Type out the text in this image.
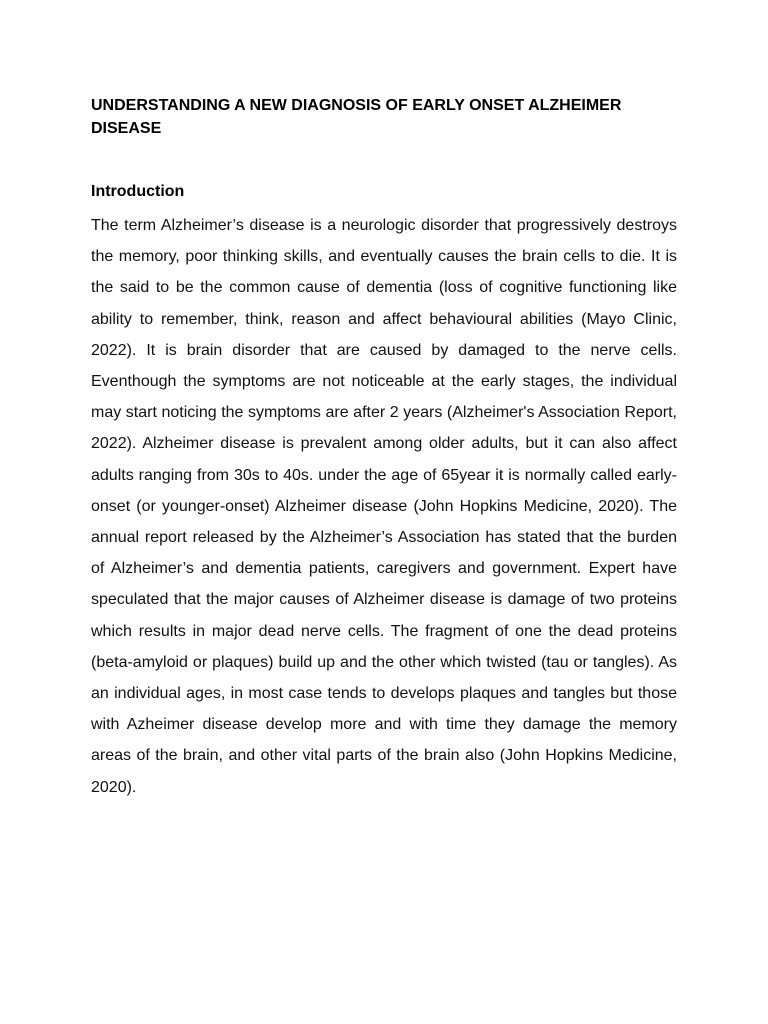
UNDERSTANDING A NEW DIAGNOSIS OF EARLY ONSET ALZHEIMER DISEASE
Introduction

The term Alzheimer’s disease is a neurologic disorder that progressively destroys the memory, poor thinking skills, and eventually causes the brain cells to die. It is the said to be the common cause of dementia (loss of cognitive functioning like ability to remember, think, reason and affect behavioural abilities (Mayo Clinic, 2022). It is brain disorder that are caused by damaged to the nerve cells. Eventhough the symptoms are not noticeable at the early stages, the individual may start noticing the symptoms are after 2 years (Alzheimer's Association Report, 2022). Alzheimer disease is prevalent among older adults, but it can also affect adults ranging from 30s to 40s. under the age of 65year it is normally called early-onset (or younger-onset) Alzheimer disease (John Hopkins Medicine, 2020). The annual report released by the Alzheimer’s Association has stated that the burden of Alzheimer’s and dementia patients, caregivers and government. Expert have speculated that the major causes of Alzheimer disease is damage of two proteins which results in major dead nerve cells. The fragment of one the dead proteins (beta-amyloid or plaques) build up and the other which twisted (tau or tangles). As an individual ages, in most case tends to develops plaques and tangles but those with Azheimer disease develop more and with time they damage the memory areas of the brain, and other vital parts of the brain also (John Hopkins Medicine, 2020).
